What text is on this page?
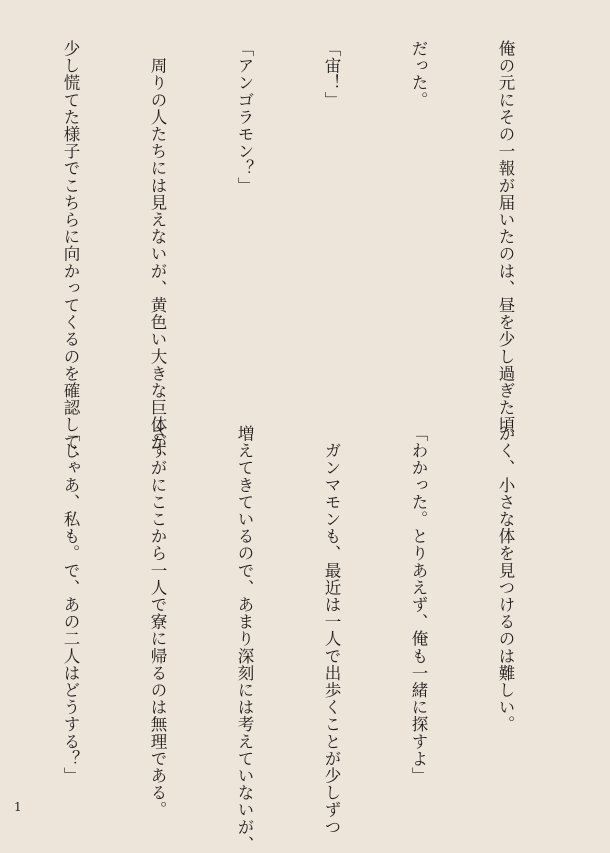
俺の元にその一報が届いたのは、昼を少し過ぎた頃

だった。

「宙！」

「アンゴラモン？」

　周りの人たちには見えないが、黄色い大きな巨体が、

少し慌てた様子でこちらに向かってくるのを確認して、

かく、小さな体を見つけるのは難しい。

「わかった。とりあえず、俺も一緒に探すよ」

　ガンマモンも、最近は一人で出歩くことが少しずつ

増えてきているので、あまり深刻には考えていないが、

さすがにここから一人で寮に帰るのは無理である。

「じゃあ、私も。で、あの二人はどうする？」

1
